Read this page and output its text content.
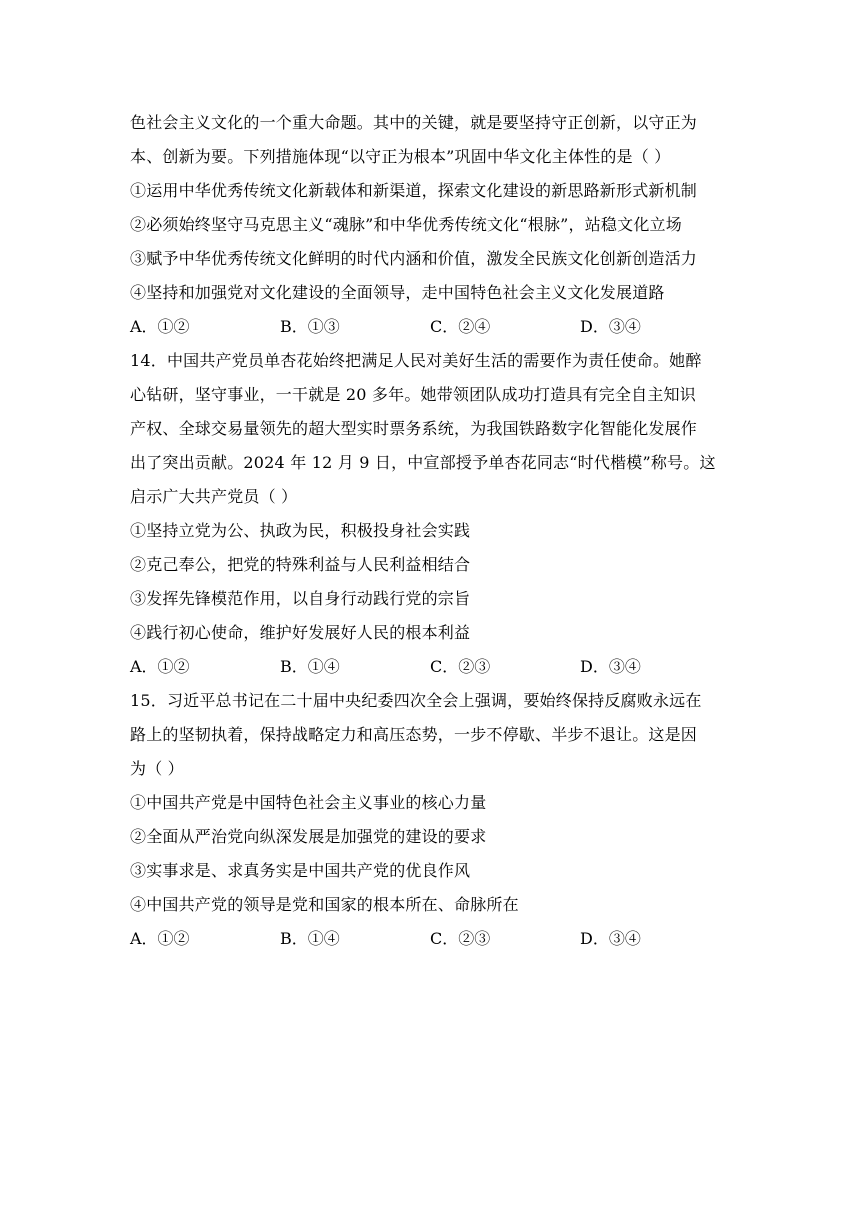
色社会主义文化的一个重大命题。其中的关键，就是要坚持守正创新，以守正为
本、创新为要。下列措施体现“以守正为根本”巩固中华文化主体性的是（ ）
①运用中华优秀传统文化新载体和新渠道，探索文化建设的新思路新形式新机制
②必须始终坚守马克思主义“魂脉”和中华优秀传统文化“根脉”，站稳文化立场
③赋予中华优秀传统文化鲜明的时代内涵和价值，激发全民族文化创新创造活力
④坚持和加强党对文化建设的全面领导，走中国特色社会主义文化发展道路
A．①②	B．①③	C．②④	D．③④
14．中国共产党员单杏花始终把满足人民对美好生活的需要作为责任使命。她醉
心钻研，坚守事业，一干就是 20 多年。她带领团队成功打造具有完全自主知识
产权、全球交易量领先的超大型实时票务系统，为我国铁路数字化智能化发展作
出了突出贡献。2024 年 12 月 9 日，中宣部授予单杏花同志“时代楷模”称号。这
启示广大共产党员（ ）
①坚持立党为公、执政为民，积极投身社会实践
②克己奉公，把党的特殊利益与人民利益相结合
③发挥先锋模范作用，以自身行动践行党的宗旨
④践行初心使命，维护好发展好人民的根本利益
A．①②	B．①④	C．②③	D．③④
15．习近平总书记在二十届中央纪委四次全会上强调，要始终保持反腐败永远在
路上的坚韧执着，保持战略定力和高压态势，一步不停歇、半步不退让。这是因
为（ ）
①中国共产党是中国特色社会主义事业的核心力量
②全面从严治党向纵深发展是加强党的建设的要求
③实事求是、求真务实是中国共产党的优良作风
④中国共产党的领导是党和国家的根本所在、命脉所在
A．①②	B．①④	C．②③	D．③④
